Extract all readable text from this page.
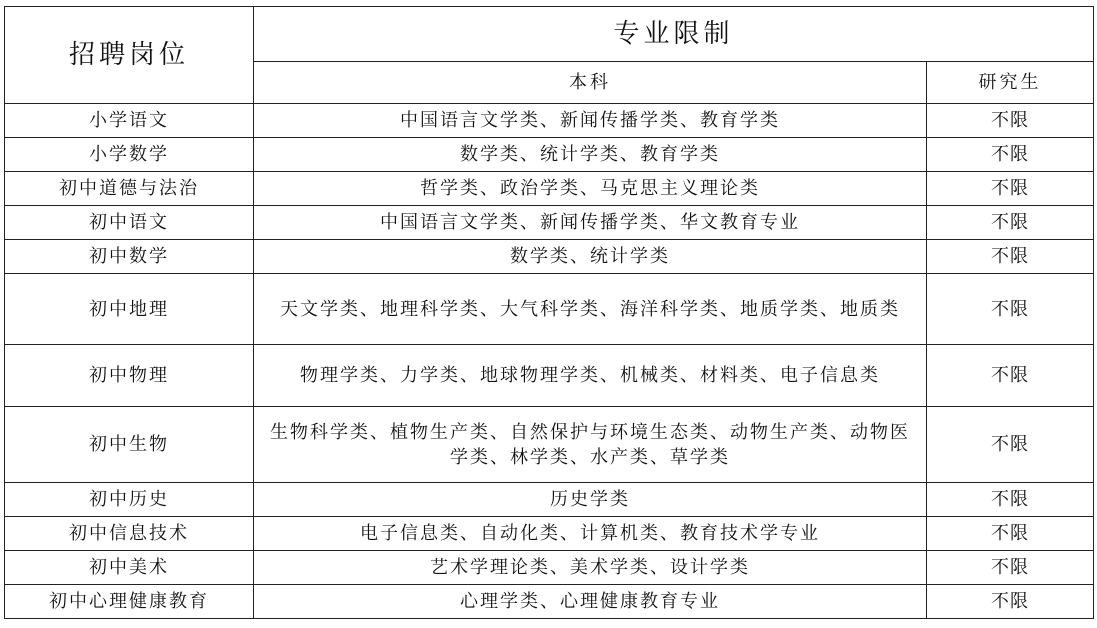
招聘岗位	专业限制	
	本科	研究生
小学语文	中国语言文学类、新闻传播学类、教育学类	不限
小学数学	数学类、统计学类、教育学类	不限
初中道德与法治	哲学类、政治学类、马克思主义理论类	不限
初中语文	中国语言文学类、新闻传播学类、华文教育专业	不限
初中数学	数学类、统计学类	不限
初中地理	天文学类、地理科学类、大气科学类、海洋科学类、地质学类、地质类	不限
初中物理	物理学类、力学类、地球物理学类、机械类、材料类、电子信息类	不限
初中生物	生物科学类、植物生产类、自然保护与环境生态类、动物生产类、动物医学类、林学类、水产类、草学类	不限
初中历史	历史学类	不限
初中信息技术	电子信息类、自动化类、计算机类、教育技术学专业	不限
初中美术	艺术学理论类、美术学类、设计学类	不限
初中心理健康教育	心理学类、心理健康教育专业	不限
